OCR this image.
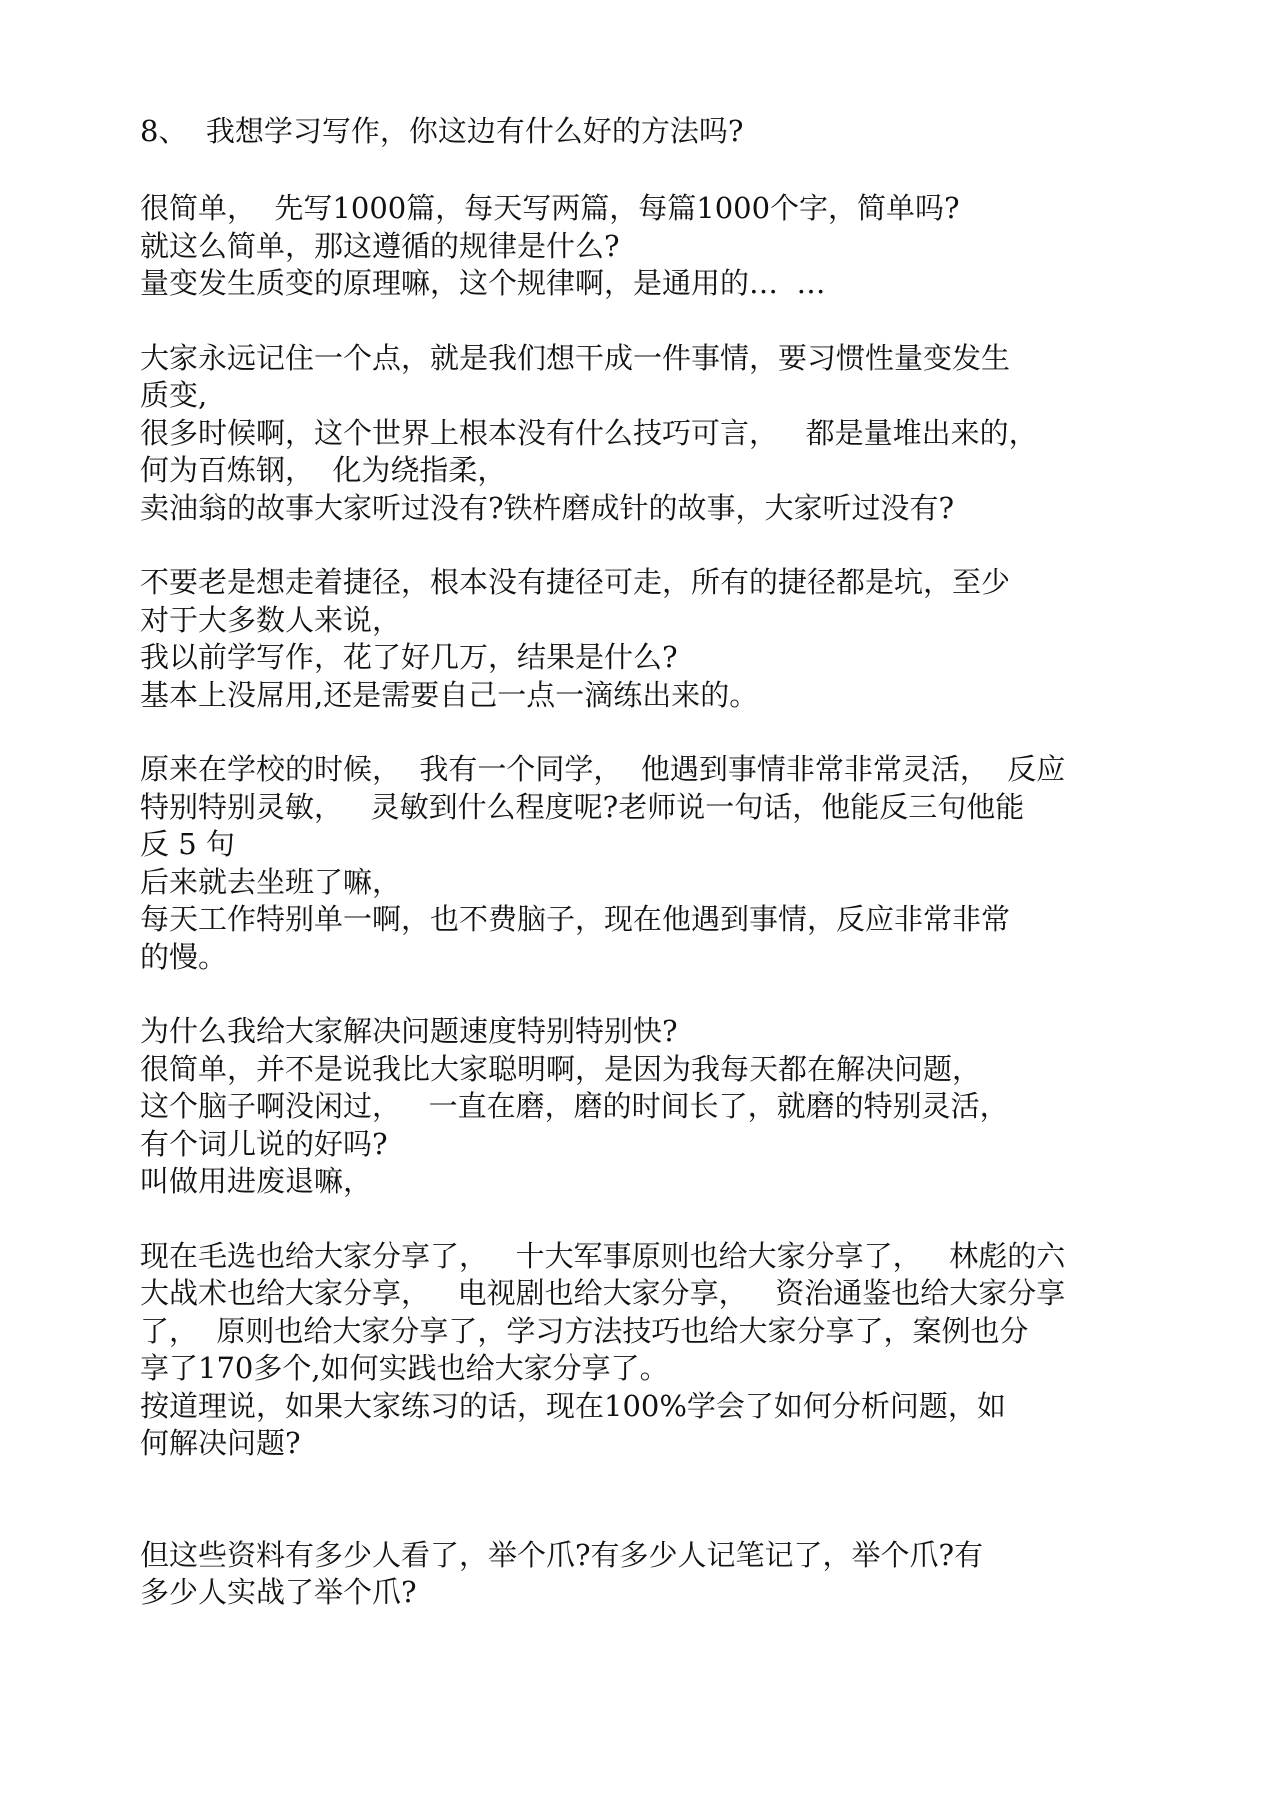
8、  我想学习写作，你这边有什么好的方法吗?
很简单，  先写1000篇，每天写两篇，每篇1000个字，简单吗?
就这么简单，那这遵循的规律是什么?
量变发生质变的原理嘛，这个规律啊，是通用的…  …
大家永远记住一个点，就是我们想干成一件事情，要习惯性量变发生
质变,
很多时候啊，这个世界上根本没有什么技巧可言，   都是量堆出来的，
何为百炼钢，  化为绕指柔，
卖油翁的故事大家听过没有?铁杵磨成针的故事，大家听过没有?
不要老是想走着捷径，根本没有捷径可走，所有的捷径都是坑，至少
对于大多数人来说，
我以前学写作，花了好几万，结果是什么?
基本上没屌用,还是需要自己一点一滴练出来的。
原来在学校的时候，  我有一个同学，  他遇到事情非常非常灵活，  反应
特别特别灵敏，   灵敏到什么程度呢?老师说一句话，他能反三句他能
反 5 句
后来就去坐班了嘛，
每天工作特别单一啊，也不费脑子，现在他遇到事情，反应非常非常
的慢。
为什么我给大家解决问题速度特别特别快?
很简单，并不是说我比大家聪明啊，是因为我每天都在解决问题，
这个脑子啊没闲过，   一直在磨，磨的时间长了，就磨的特别灵活，
有个词儿说的好吗?
叫做用进废退嘛，
现在毛选也给大家分享了，   十大军事原则也给大家分享了，   林彪的六
大战术也给大家分享，   电视剧也给大家分享，   资治通鉴也给大家分享
了，  原则也给大家分享了，学习方法技巧也给大家分享了，案例也分
享了170多个,如何实践也给大家分享了。
按道理说，如果大家练习的话，现在100%学会了如何分析问题，如
何解决问题?
但这些资料有多少人看了，举个爪?有多少人记笔记了，举个爪?有
多少人实战了举个爪?
